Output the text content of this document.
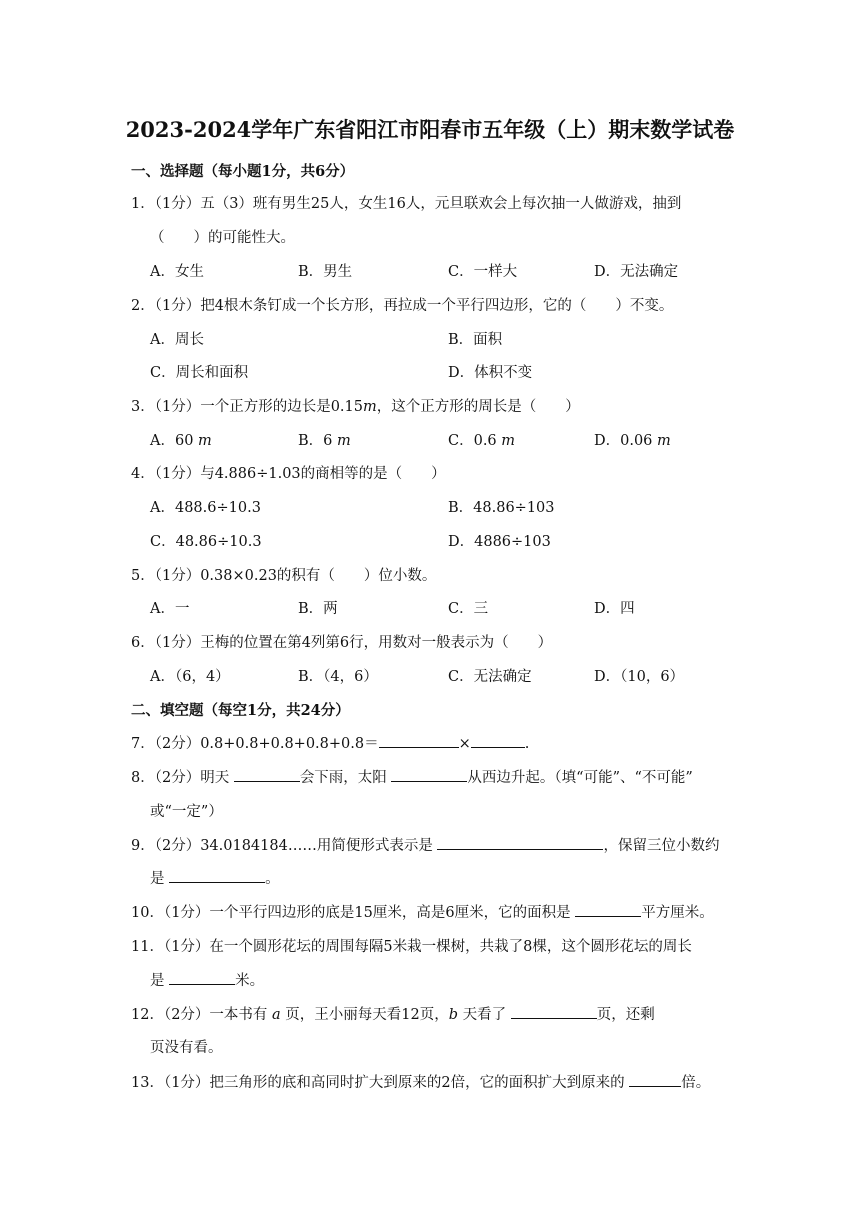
2023-2024学年广东省阳江市阳春市五年级（上）期末数学试卷
一、选择题（每小题1分，共6分）
1．（1分）五（3）班有男生25人，女生16人，元旦联欢会上每次抽一人做游戏，抽到
（　　）的可能性大。
A．女生	B．男生	C．一样大	D．无法确定
2．（1分）把4根木条钉成一个长方形，再拉成一个平行四边形，它的（　　）不变。
A．周长	B．面积
C．周长和面积	D．体积不变
3．（1分）一个正方形的边长是0.15m，这个正方形的周长是（　　）
A．60 m	B．6 m	C．0.6 m	D．0.06 m
4．（1分）与4.886÷1.03的商相等的是（　　）
A．488.6÷10.3	B．48.86÷103
C．48.86÷10.3	D．4886÷103
5．（1分）0.38×0.23的积有（　　）位小数。
A．一	B．两	C．三	D．四
6．（1分）王梅的位置在第4列第6行，用数对一般表示为（　　）
A．（6，4）	B．（4，6）	C．无法确定	D．（10，6）
二、填空题（每空1分，共24分）
7．（2分）0.8+0.8+0.8+0.8+0.8＝	×	.
8．（2分）明天	会下雨，太阳	从西边升起。（填“可能”、“不可能”
或“一定”）
9．（2分）34.0184184……用简便形式表示是	，保留三位小数约
是	。
10．（1分）一个平行四边形的底是15厘米，高是6厘米，它的面积是	平方厘米。
11．（1分）在一个圆形花坛的周围每隔5米栽一棵树，共栽了8棵，这个圆形花坛的周长
是	米。
12．（2分）一本书有 a 页，王小丽每天看12页，b 天看了	页，还剩
页没有看。
13．（1分）把三角形的底和高同时扩大到原来的2倍，它的面积扩大到原来的	倍。
